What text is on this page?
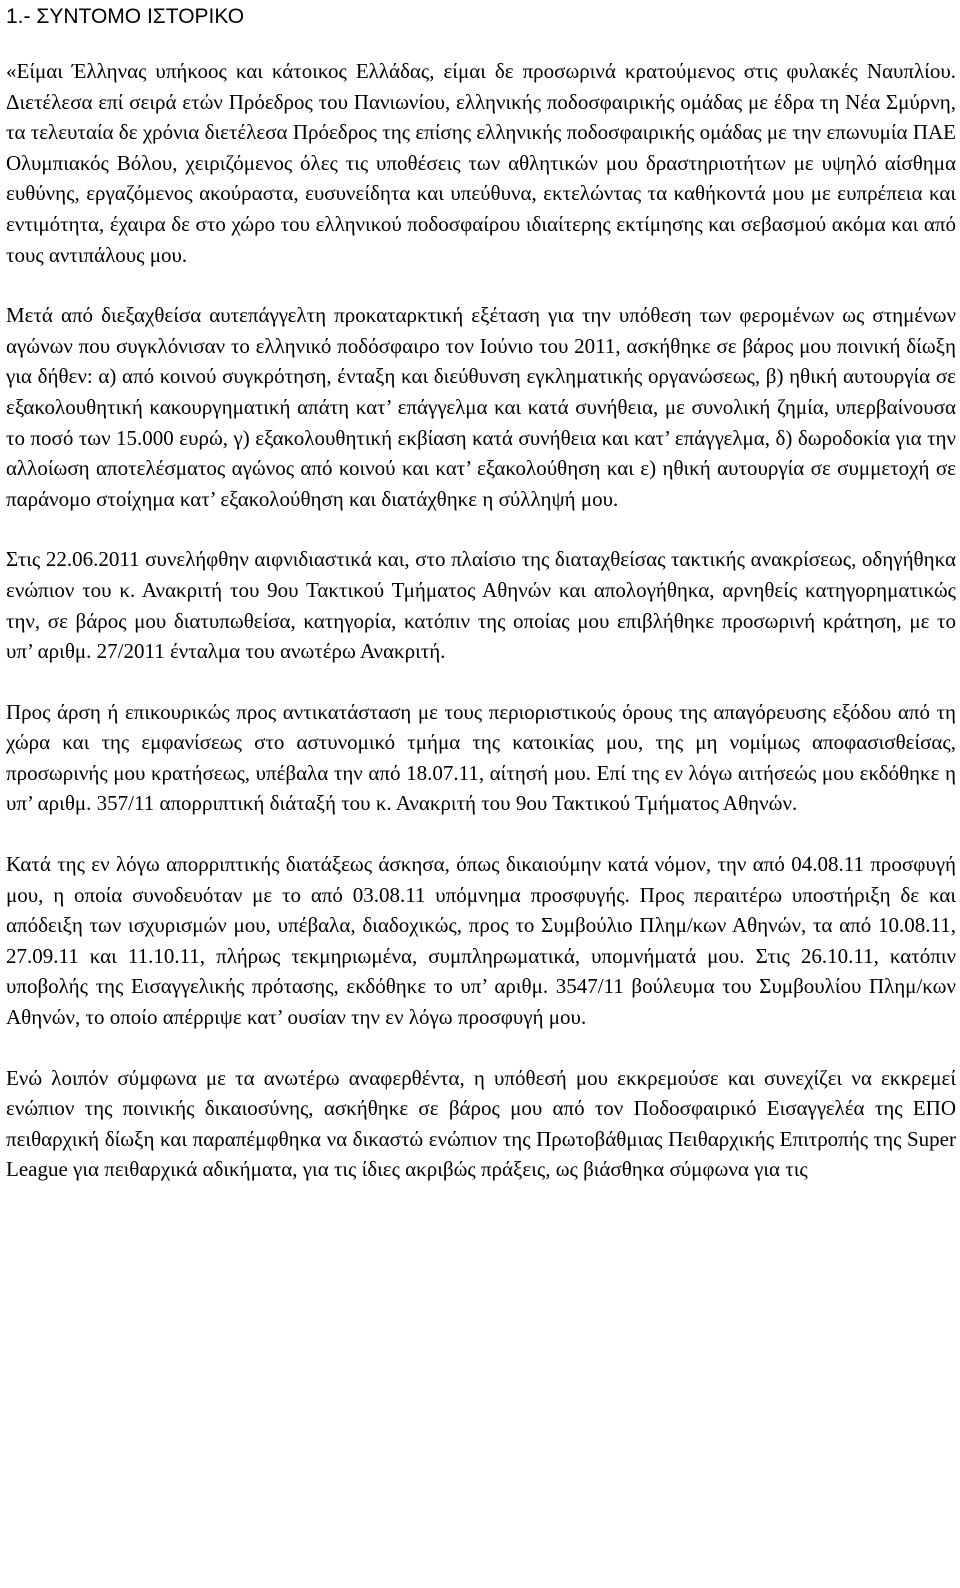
1.- ΣΥΝΤΟΜΟ ΙΣΤΟΡΙΚΟ

«Είμαι Έλληνας υπήκοος και κάτοικος Ελλάδας, είμαι δε προσωρινά κρατούμενος στις φυλακές Ναυπλίου. Διετέλεσα επί σειρά ετών Πρόεδρος του Πανιωνίου, ελληνικής ποδοσφαιρικής ομάδας με έδρα τη Νέα Σμύρνη, τα τελευταία δε χρόνια διετέλεσα Πρόεδρος της επίσης ελληνικής ποδοσφαιρικής ομάδας με την επωνυμία ΠΑΕ Ολυμπιακός Βόλου, χειριζόμενος όλες τις υποθέσεις των αθλητικών μου δραστηριοτήτων με υψηλό αίσθημα ευθύνης, εργαζόμενος ακούραστα, ευσυνείδητα και υπεύθυνα, εκτελώντας τα καθήκοντά μου με ευπρέπεια και εντιμότητα, έχαιρα δε στο χώρο του ελληνικού ποδοσφαίρου ιδιαίτερης εκτίμησης και σεβασμού ακόμα και από τους αντιπάλους μου.

Μετά από διεξαχθείσα αυτεπάγγελτη προκαταρκτική εξέταση για την υπόθεση των φερομένων ως στημένων αγώνων που συγκλόνισαν το ελληνικό ποδόσφαιρο τον Ιούνιο του 2011, ασκήθηκε σε βάρος μου ποινική δίωξη για δήθεν: α) από κοινού συγκρότηση, ένταξη και διεύθυνση εγκληματικής οργανώσεως, β) ηθική αυτουργία σε εξακολουθητική κακουργηματική απάτη κατ’ επάγγελμα και κατά συνήθεια, με συνολική ζημία, υπερβαίνουσα το ποσό των 15.000 ευρώ, γ) εξακολουθητική εκβίαση κατά συνήθεια και κατ’ επάγγελμα, δ) δωροδοκία για την αλλοίωση αποτελέσματος αγώνος από κοινού και κατ’ εξακολούθηση και ε) ηθική αυτουργία σε συμμετοχή σε παράνομο στοίχημα κατ’ εξακολούθηση και διατάχθηκε η σύλληψή μου.

Στις 22.06.2011 συνελήφθην αιφνιδιαστικά και, στο πλαίσιο της διαταχθείσας τακτικής ανακρίσεως, οδηγήθηκα ενώπιον του κ. Ανακριτή του 9ου Τακτικού Τμήματος Αθηνών και απολογήθηκα, αρνηθείς κατηγορηματικώς την, σε βάρος μου διατυπωθείσα, κατηγορία, κατόπιν της οποίας μου επιβλήθηκε προσωρινή κράτηση, με το υπ’ αριθμ. 27/2011 ένταλμα του ανωτέρω Ανακριτή.

Προς άρση ή επικουρικώς προς αντικατάσταση με τους περιοριστικούς όρους της απαγόρευσης εξόδου από τη χώρα και της εμφανίσεως στο αστυνομικό τμήμα της κατοικίας μου, της μη νομίμως αποφασισθείσας, προσωρινής μου κρατήσεως, υπέβαλα την από 18.07.11, αίτησή μου. Επί της εν λόγω αιτήσεώς μου εκδόθηκε η υπ’ αριθμ. 357/11 απορριπτική διάταξή του κ. Ανακριτή του 9ου Τακτικού Τμήματος Αθηνών.

Κατά της εν λόγω απορριπτικής διατάξεως άσκησα, όπως δικαιούμην κατά νόμον, την από 04.08.11 προσφυγή μου, η οποία συνοδευόταν με το από 03.08.11 υπόμνημα προσφυγής. Προς περαιτέρω υποστήριξη δε και απόδειξη των ισχυρισμών μου, υπέβαλα, διαδοχικώς, προς το Συμβούλιο Πλημ/κων Αθηνών, τα από 10.08.11, 27.09.11 και 11.10.11, πλήρως τεκμηριωμένα, συμπληρωματικά, υπομνήματά μου. Στις 26.10.11, κατόπιν υποβολής της Εισαγγελικής πρότασης, εκδόθηκε το υπ’ αριθμ. 3547/11 βούλευμα του Συμβουλίου Πλημ/κων Αθηνών, το οποίο απέρριψε κατ’ ουσίαν την εν λόγω προσφυγή μου.

Ενώ λοιπόν σύμφωνα με τα ανωτέρω αναφερθέντα, η υπόθεσή μου εκκρεμούσε και συνεχίζει να εκκρεμεί ενώπιον της ποινικής δικαιοσύνης, ασκήθηκε σε βάρος μου από τον Ποδοσφαιρικό Εισαγγελέα της ΕΠΟ πειθαρχική δίωξη και παραπέμφθηκα να δικαστώ ενώπιον της Πρωτοβάθμιας Πειθαρχικής Επιτροπής της Super League για πειθαρχικά αδικήματα, για τις ίδιες ακριβώς πράξεις, ως βιάσθηκα σύμφωνα για τις
